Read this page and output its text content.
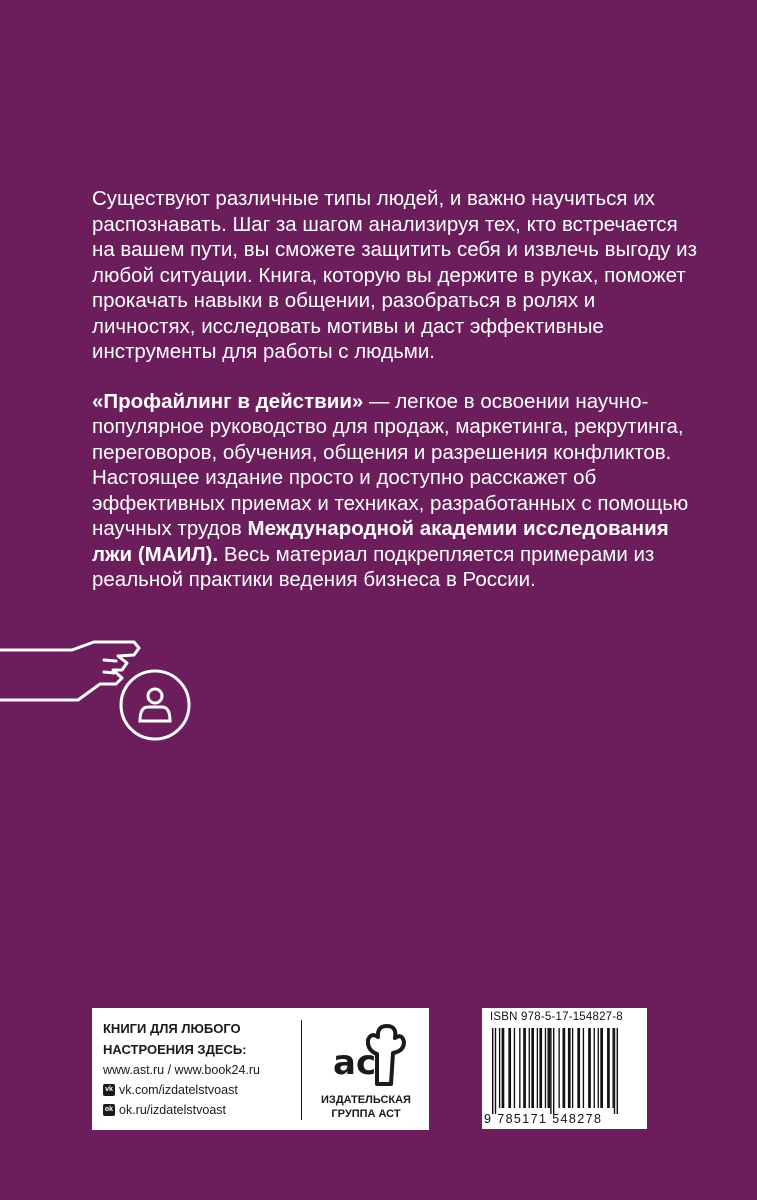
Существуют различные типы людей, и важно научиться их распознавать. Шаг за шагом анализируя тех, кто встречается на вашем пути, вы сможете защитить себя и извлечь выгоду из любой ситуации. Книга, которую вы держите в руках, поможет прокачать навыки в общении, разобраться в ролях и личностях, исследовать мотивы и даст эффективные инструменты для работы с людьми.

«Профайлинг в действии» — легкое в освоении научно-популярное руководство для продаж, маркетинга, рекрутинга, переговоров, обучения, общения и разрешения конфликтов. Настоящее издание просто и доступно расскажет об эффективных приемах и техниках, разработанных с помощью научных трудов Международной академии исследования лжи (МАИЛ). Весь материал подкрепляется примерами из реальной практики ведения бизнеса в России.

КНИГИ ДЛЯ ЛЮБОГО
НАСТРОЕНИЯ ЗДЕСЬ:
www.ast.ru / www.book24.ru
vk vk.com/izdatelstvoast
ok ok.ru/izdatelstvoast
ас
ИЗДАТЕЛЬСКАЯ
ГРУППА АСТ
ISBN 978-5-17-154827-8
9 785171 548278
